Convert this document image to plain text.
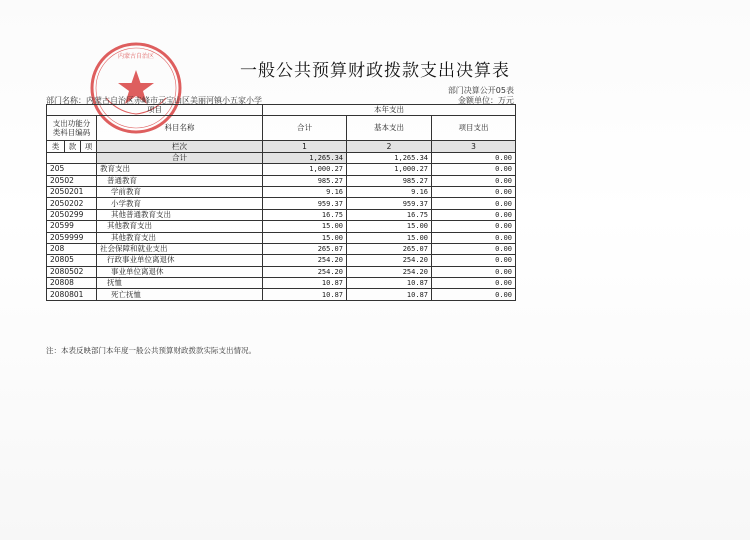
内蒙古自治区
一般公共预算财政拨款支出决算表
部门决算公开05表
金额单位：万元
部门名称：内蒙古自治区赤峰市元宝山区美丽河镇小五家小学
项目				本年支出		
支出功能分类科目编码			科目名称	合计	基本支出	项目支出

类	款	项				

			栏次	1	2	3
			合计	1,265.34	1,265.34	0.00
205			教育支出	1,000.27	1,000.27	0.00
20502			普通教育	985.27	985.27	0.00
2050201			学前教育	9.16	9.16	0.00
2050202			小学教育	959.37	959.37	0.00
2050299			其他普通教育支出	16.75	16.75	0.00
20599			其他教育支出	15.00	15.00	0.00
2059999			其他教育支出	15.00	15.00	0.00
208			社会保障和就业支出	265.07	265.07	0.00
20805			行政事业单位离退休	254.20	254.20	0.00
2080502			事业单位离退休	254.20	254.20	0.00
20808			抚恤	10.87	10.87	0.00
2080801			死亡抚恤	10.87	10.87	0.00
注：本表反映部门本年度一般公共预算财政拨款实际支出情况。
